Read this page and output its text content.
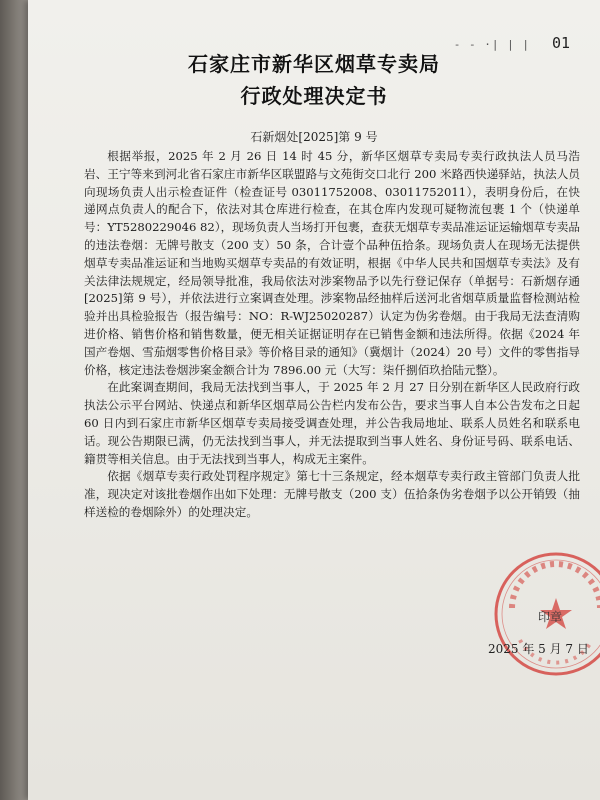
- - ·| | | 01
石家庄市新华区烟草专卖局
行政处理决定书
石新烟处[2025]第 9 号

根据举报，2025 年 2 月 26 日 14 时 45 分，新华区烟草专卖局专卖行政执法人员马浩岩、王宁等来到河北省石家庄市新华区联盟路与文苑街交口北行 200 米路西快递驿站，执法人员向现场负责人出示检查证件（检查证号 03011752008、03011752011），表明身份后，在快递网点负责人的配合下，依法对其仓库进行检查，在其仓库内发现可疑物流包裹 1 个（快递单号：YT5280229046 82），现场负责人当场打开包裹，查获无烟草专卖品准运证运输烟草专卖品的违法卷烟：无牌号散支（200 支）50 条，合计壹个品种伍拾条。现场负责人在现场无法提供烟草专卖品准运证和当地购买烟草专卖品的有效证明，根据《中华人民共和国烟草专卖法》及有关法律法规规定，经局领导批准，我局依法对涉案物品予以先行登记保存（单据号：石新烟存通[2025]第 9 号），并依法进行立案调查处理。涉案物品经抽样后送河北省烟草质量监督检测站检验并出具检验报告（报告编号：NO：R-WJ25020287）认定为伪劣卷烟。由于我局无法查清购进价格、销售价格和销售数量，便无相关证据证明存在已销售金额和违法所得。依据《2024 年国产卷烟、雪茄烟零售价格目录》等价格目录的通知》（冀烟计（2024）20 号）文件的零售指导价格，核定违法卷烟涉案金额合计为 7896.00 元（大写：柒仟捌佰玖拾陆元整）。

在此案调查期间，我局无法找到当事人，于 2025 年 2 月 27 日分别在新华区人民政府行政执法公示平台网站、快递点和新华区烟草局公告栏内发布公告，要求当事人自本公告发布之日起 60 日内到石家庄市新华区烟草专卖局接受调查处理，并公告我局地址、联系人员姓名和联系电话。现公告期限已满，仍无法找到当事人，并无法提取到当事人姓名、身份证号码、联系电话、籍贯等相关信息。由于无法找到当事人，构成无主案件。

依据《烟草专卖行政处罚程序规定》第七十三条规定，经本烟草专卖行政主管部门负责人批准，现决定对该批卷烟作出如下处理：无牌号散支（200 支）伍拾条伪劣卷烟予以公开销毁（抽样送检的卷烟除外）的处理决定。

印章
2025 年 5 月 7 日
